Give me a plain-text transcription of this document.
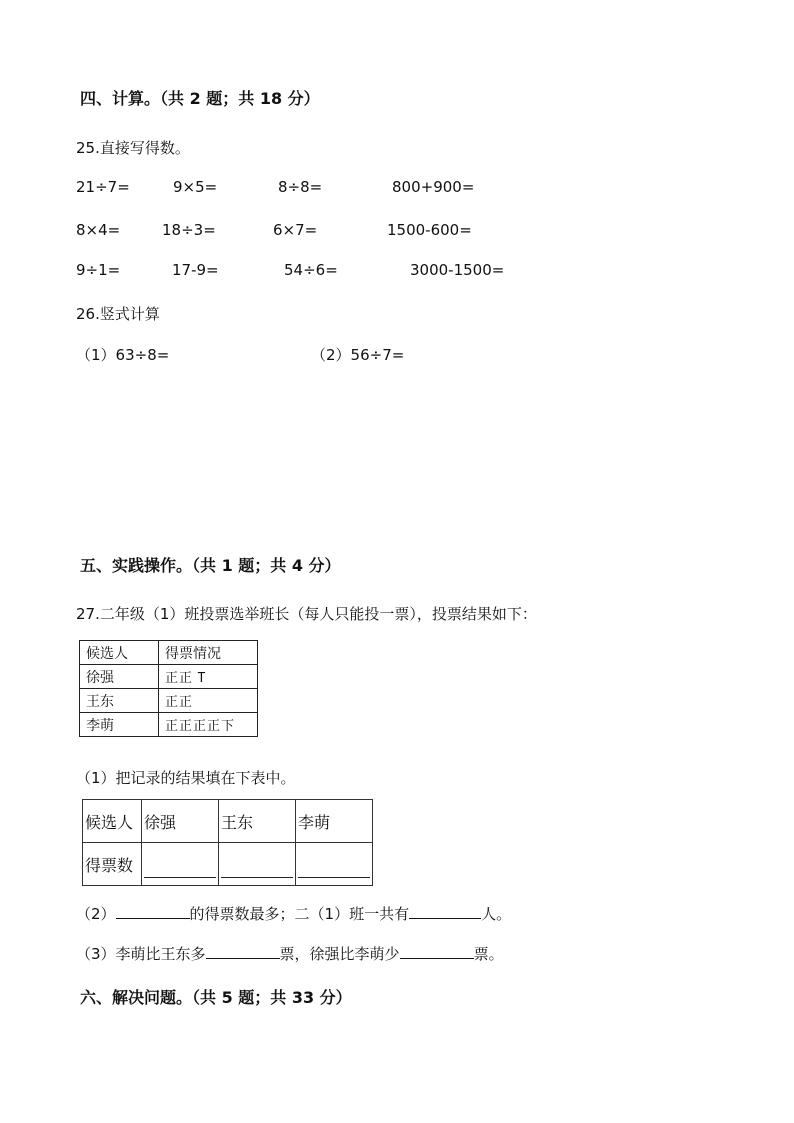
四、计算。（共 2 题；共 18 分）
25.直接写得数。
21÷7=	9×5=	8÷8=	800+900=
8×4=	18÷3=	6×7=	1500-600=
9÷1=	17-9=	54÷6=	3000-1500=
26.竖式计算
（1）63÷8=	（2）56÷7=
五、实践操作。（共 1 题；共 4 分）
27.二年级（1）班投票选举班长（每人只能投一票），投票结果如下：
候选人	得票情况
徐强	正正 T
王东	正正
李萌	正正正正下
（1）把记录的结果填在下表中。
候选人	徐强	王东	李萌
得票数	

（2）	的得票数最多；二（1）班一共有	人。
（3）李萌比王东多	票，徐强比李萌少	票。
六、解决问题。（共 5 题；共 33 分）
